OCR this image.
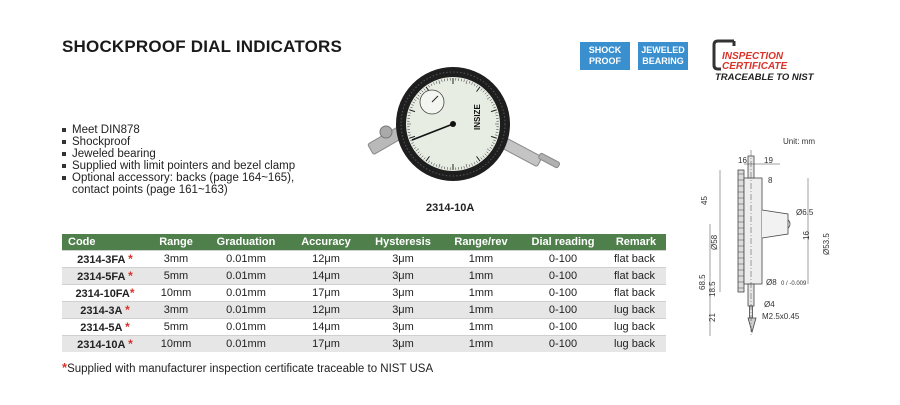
SHOCKPROOF DIAL INDICATORS	SHOCK
PROOF
JEWELED
BEARING	INSPECTION
CERTIFICATE
TRACEABLE TO NIST
Meet DIN878
Shockproof
Jeweled bearing
Supplied with limit pointers and bezel clamp
Optional accessory: backs (page 164~165),
contact points (page 161~163)
INSIZE
2314-10A
Code	Range	Graduation	Accuracy	Hysteresis	Range/rev	Dial reading	Remark
2314-3FA *	3mm	0.01mm	12μm	3μm	1mm	0-100	flat back
2314-5FA *	5mm	0.01mm	14μm	3μm	1mm	0-100	flat back
2314-10FA*	10mm	0.01mm	17μm	3μm	1mm	0-100	flat back
2314-3A *	3mm	0.01mm	12μm	3μm	1mm	0-100	lug back
2314-5A *	5mm	0.01mm	14μm	3μm	1mm	0-100	lug back
2314-10A *	10mm	0.01mm	17μm	3μm	1mm	0-100	lug back
*Supplied with manufacturer inspection certificate traceable to NIST USA
Unit: mm
16 19
8
45
Ø58	16
Ø6.5
Ø53.5
Ø8 0 / -0.009
68.5 18.5
Ø4
21	M2.5x0.45
